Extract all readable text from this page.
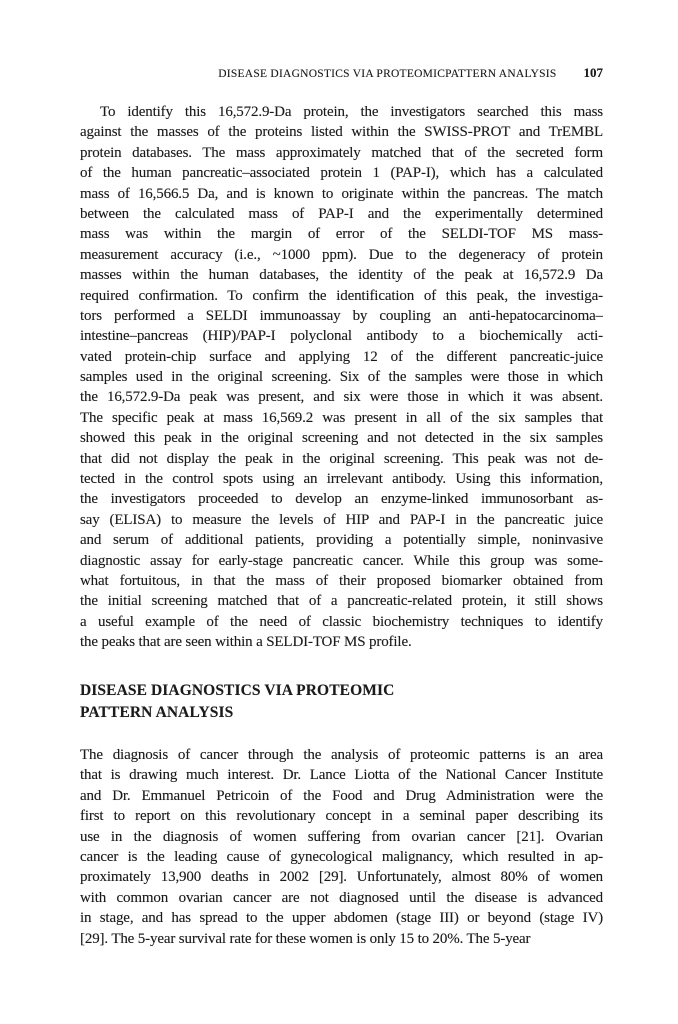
DISEASE DIAGNOSTICS VIA PROTEOMICPATTERN ANALYSIS 107
To identify this 16,572.9-Da protein, the investigators searched this mass
against the masses of the proteins listed within the SWISS-PROT and TrEMBL
protein databases. The mass approximately matched that of the secreted form
of the human pancreatic–associated protein 1 (PAP-I), which has a calculated
mass of 16,566.5 Da, and is known to originate within the pancreas. The match
between the calculated mass of PAP-I and the experimentally determined
mass was within the margin of error of the SELDI-TOF MS mass-
measurement accuracy (i.e., ~1000 ppm). Due to the degeneracy of protein
masses within the human databases, the identity of the peak at 16,572.9 Da
required confirmation. To confirm the identification of this peak, the investiga-
tors performed a SELDI immunoassay by coupling an anti-hepatocarcinoma–
intestine–pancreas (HIP)/PAP-I polyclonal antibody to a biochemically acti-
vated protein-chip surface and applying 12 of the different pancreatic-juice
samples used in the original screening. Six of the samples were those in which
the 16,572.9-Da peak was present, and six were those in which it was absent.
The specific peak at mass 16,569.2 was present in all of the six samples that
showed this peak in the original screening and not detected in the six samples
that did not display the peak in the original screening. This peak was not de-
tected in the control spots using an irrelevant antibody. Using this information,
the investigators proceeded to develop an enzyme-linked immunosorbant as-
say (ELISA) to measure the levels of HIP and PAP-I in the pancreatic juice
and serum of additional patients, providing a potentially simple, noninvasive
diagnostic assay for early-stage pancreatic cancer. While this group was some-
what fortuitous, in that the mass of their proposed biomarker obtained from
the initial screening matched that of a pancreatic-related protein, it still shows
a useful example of the need of classic biochemistry techniques to identify
the peaks that are seen within a SELDI-TOF MS profile.
DISEASE DIAGNOSTICS VIA PROTEOMIC
PATTERN ANALYSIS
The diagnosis of cancer through the analysis of proteomic patterns is an area
that is drawing much interest. Dr. Lance Liotta of the National Cancer Institute
and Dr. Emmanuel Petricoin of the Food and Drug Administration were the
first to report on this revolutionary concept in a seminal paper describing its
use in the diagnosis of women suffering from ovarian cancer [21]. Ovarian
cancer is the leading cause of gynecological malignancy, which resulted in ap-
proximately 13,900 deaths in 2002 [29]. Unfortunately, almost 80% of women
with common ovarian cancer are not diagnosed until the disease is advanced
in stage, and has spread to the upper abdomen (stage III) or beyond (stage IV)
[29]. The 5-year survival rate for these women is only 15 to 20%. The 5-year
